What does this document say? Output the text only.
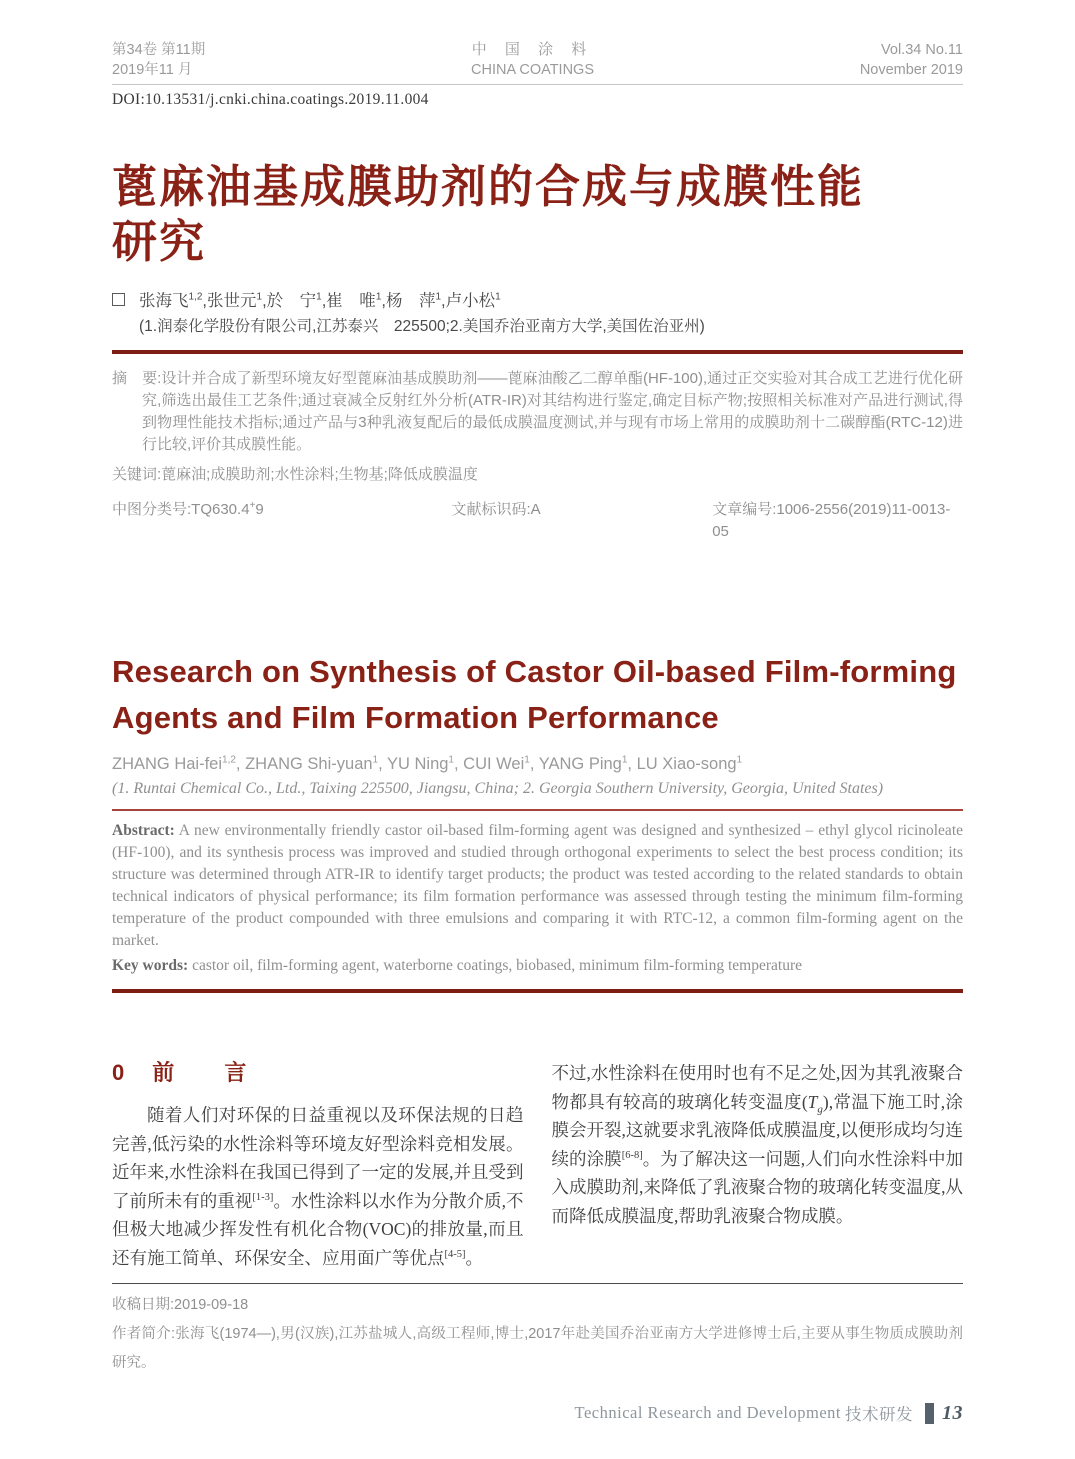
第34卷 第11期
2019年11 月
中 国 涂 料
CHINA COATINGS
Vol.34 No.11
November 2019
DOI:10.13531/j.cnki.china.coatings.2019.11.004
蓖麻油基成膜助剂的合成与成膜性能
研究
张海飞$^{1,2}$,张世元$^1$,於　宁$^1$,崔　唯$^1$,杨　萍$^1$,卢小松$^1$
(1.润泰化学股份有限公司,江苏泰兴　225500;2.美国乔治亚南方大学,美国佐治亚州)
摘　要:设计并合成了新型环境友好型蓖麻油基成膜助剂——蓖麻油酸乙二醇单酯(HF-100),通过正交实验对其合成工艺进行优化研究,筛选出最佳工艺条件;通过衰减全反射红外分析(ATR-IR)对其结构进行鉴定,确定目标产物;按照相关标准对产品进行测试,得到物理性能技术指标;通过产品与3种乳液复配后的最低成膜温度测试,并与现有市场上常用的成膜助剂十二碳醇酯(RTC-12)进行比较,评价其成膜性能。
关键词:蓖麻油;成膜助剂;水性涂料;生物基;降低成膜温度
中图分类号:TQ630.4+9	文献标识码:A	文章编号:1006-2556(2019)11-0013-05
Research on Synthesis of Castor Oil-based Film-forming
Agents and Film Formation Performance
ZHANG Hai-fei$^{1,2}$, ZHANG Shi-yuan$^1$, YU Ning$^1$, CUI Wei$^1$, YANG Ping$^1$, LU Xiao-song$^1$
(1. Runtai Chemical Co., Ltd., Taixing 225500, Jiangsu, China; 2. Georgia Southern University, Georgia, United States)
Abstract: A new environmentally friendly castor oil-based film-forming agent was designed and synthesized – ethyl glycol ricinoleate (HF-100), and its synthesis process was improved and studied through orthogonal experiments to select the best process condition; its structure was determined through ATR-IR to identify target products; the product was tested according to the related standards to obtain technical indicators of physical performance; its film formation performance was assessed through testing the minimum film-forming temperature of the product compounded with three emulsions and comparing it with RTC-12, a common film-forming agent on the market.
Key words: castor oil, film-forming agent, waterborne coatings, biobased, minimum film-forming temperature
0 前 言

随着人们对环保的日益重视以及环保法规的日趋完善,低污染的水性涂料等环境友好型涂料竞相发展。近年来,水性涂料在我国已得到了一定的发展,并且受到了前所未有的重视[1-3]。水性涂料以水作为分散介质,不但极大地减少挥发性有机化合物(VOC)的排放量,而且还有施工简单、环保安全、应用面广等优点[4-5]。

不过,水性涂料在使用时也有不足之处,因为其乳液聚合物都具有较高的玻璃化转变温度$(T_g)$,常温下施工时,涂膜会开裂,这就要求乳液降低成膜温度,以便形成均匀连续的涂膜[6-8]。为了解决这一问题,人们向水性涂料中加入成膜助剂,来降低了乳液聚合物的玻璃化转变温度,从而降低成膜温度,帮助乳液聚合物成膜。

收稿日期:2019-09-18
作者简介:张海飞(1974—),男(汉族),江苏盐城人,高级工程师,博士,2017年赴美国乔治亚南方大学进修博士后,主要从事生物质成膜助剂研究。
Technical Research and Development 技术研发 13
